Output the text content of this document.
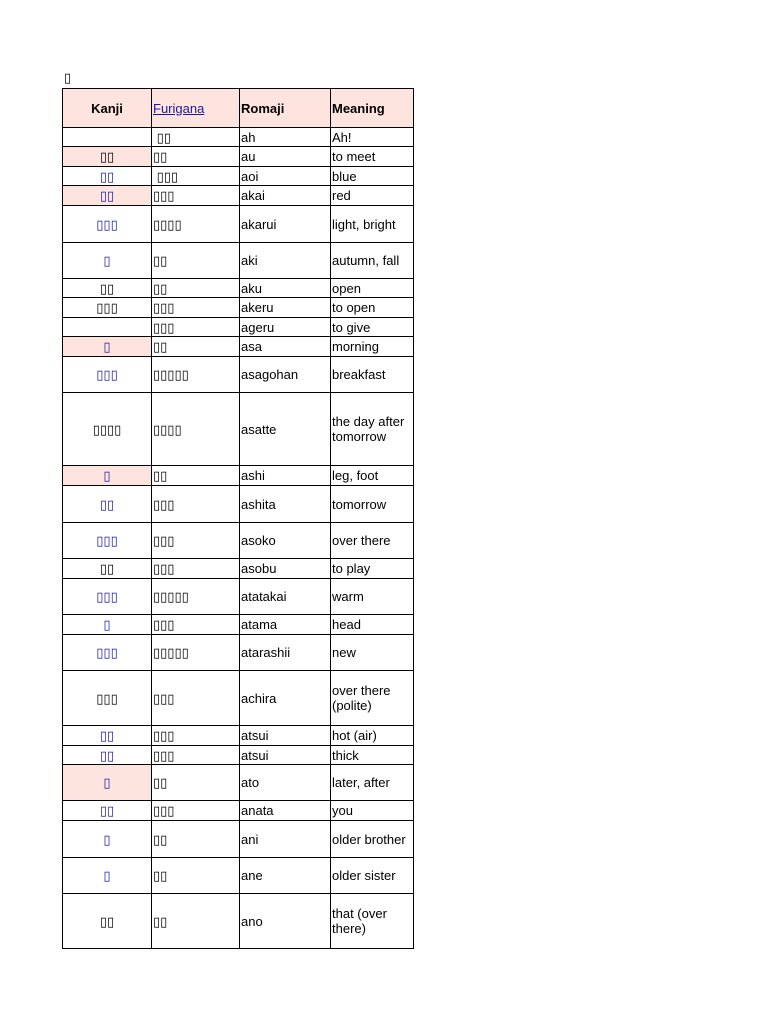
▯
Kanji	Furigana	Romaji	Meaning
	▯▯	ah	Ah!
▯▯	▯▯	au	to meet
▯▯	▯▯▯	aoi	blue
▯▯	▯▯▯	akai	red
▯▯▯	▯▯▯▯	akarui	light, bright
▯	▯▯	aki	autumn, fall
▯▯	▯▯	aku	open
▯▯▯	▯▯▯	akeru	to open
	▯▯▯	ageru	to give
▯	▯▯	asa	morning
▯▯▯	▯▯▯▯▯	asagohan	breakfast
▯▯▯▯	▯▯▯▯	asatte	the day after tomorrow
▯	▯▯	ashi	leg, foot
▯▯	▯▯▯	ashita	tomorrow
▯▯▯	▯▯▯	asoko	over there
▯▯	▯▯▯	asobu	to play
▯▯▯	▯▯▯▯▯	atatakai	warm
▯	▯▯▯	atama	head
▯▯▯	▯▯▯▯▯	atarashii	new
▯▯▯	▯▯▯	achira	over there (polite)
▯▯	▯▯▯	atsui	hot (air)
▯▯	▯▯▯	atsui	thick
▯	▯▯	ato	later, after
▯▯	▯▯▯	anata	you
▯	▯▯	ani	older brother
▯	▯▯	ane	older sister
▯▯	▯▯	ano	that (over there)
